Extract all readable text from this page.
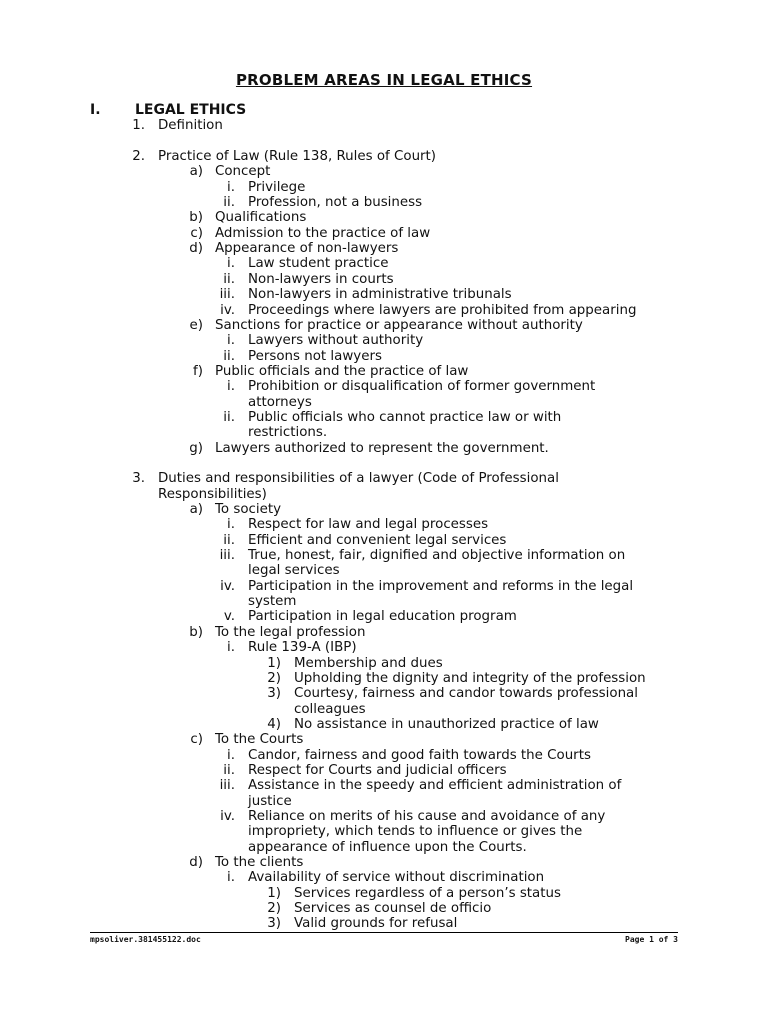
PROBLEM AREAS IN LEGAL ETHICS
I. LEGAL ETHICS
1. Definition
2. Practice of Law (Rule 138, Rules of Court)
a) Concept
i. Privilege
ii. Profession, not a business
b) Qualifications
c) Admission to the practice of law
d) Appearance of non-lawyers
i. Law student practice
ii. Non-lawyers in courts
iii. Non-lawyers in administrative tribunals
iv. Proceedings where lawyers are prohibited from appearing
e) Sanctions for practice or appearance without authority
i. Lawyers without authority
ii. Persons not lawyers
f) Public officials and the practice of law
i. Prohibition or disqualification of former government
attorneys
ii. Public officials who cannot practice law or with
restrictions.
g) Lawyers authorized to represent the government.
3. Duties and responsibilities of a lawyer (Code of Professional
Responsibilities)
a) To society
i. Respect for law and legal processes
ii. Efficient and convenient legal services
iii. True, honest, fair, dignified and objective information on
legal services
iv. Participation in the improvement and reforms in the legal
system
v. Participation in legal education program
b) To the legal profession
i. Rule 139-A (IBP)
1) Membership and dues
2) Upholding the dignity and integrity of the profession
3) Courtesy, fairness and candor towards professional
colleagues
4) No assistance in unauthorized practice of law
c) To the Courts
i. Candor, fairness and good faith towards the Courts
ii. Respect for Courts and judicial officers
iii. Assistance in the speedy and efficient administration of
justice
iv. Reliance on merits of his cause and avoidance of any
impropriety, which tends to influence or gives the
appearance of influence upon the Courts.
d) To the clients
i. Availability of service without discrimination
1) Services regardless of a person’s status
2) Services as counsel de officio
3) Valid grounds for refusal
mpsoliver.381455122.doc	Page 1 of 3
